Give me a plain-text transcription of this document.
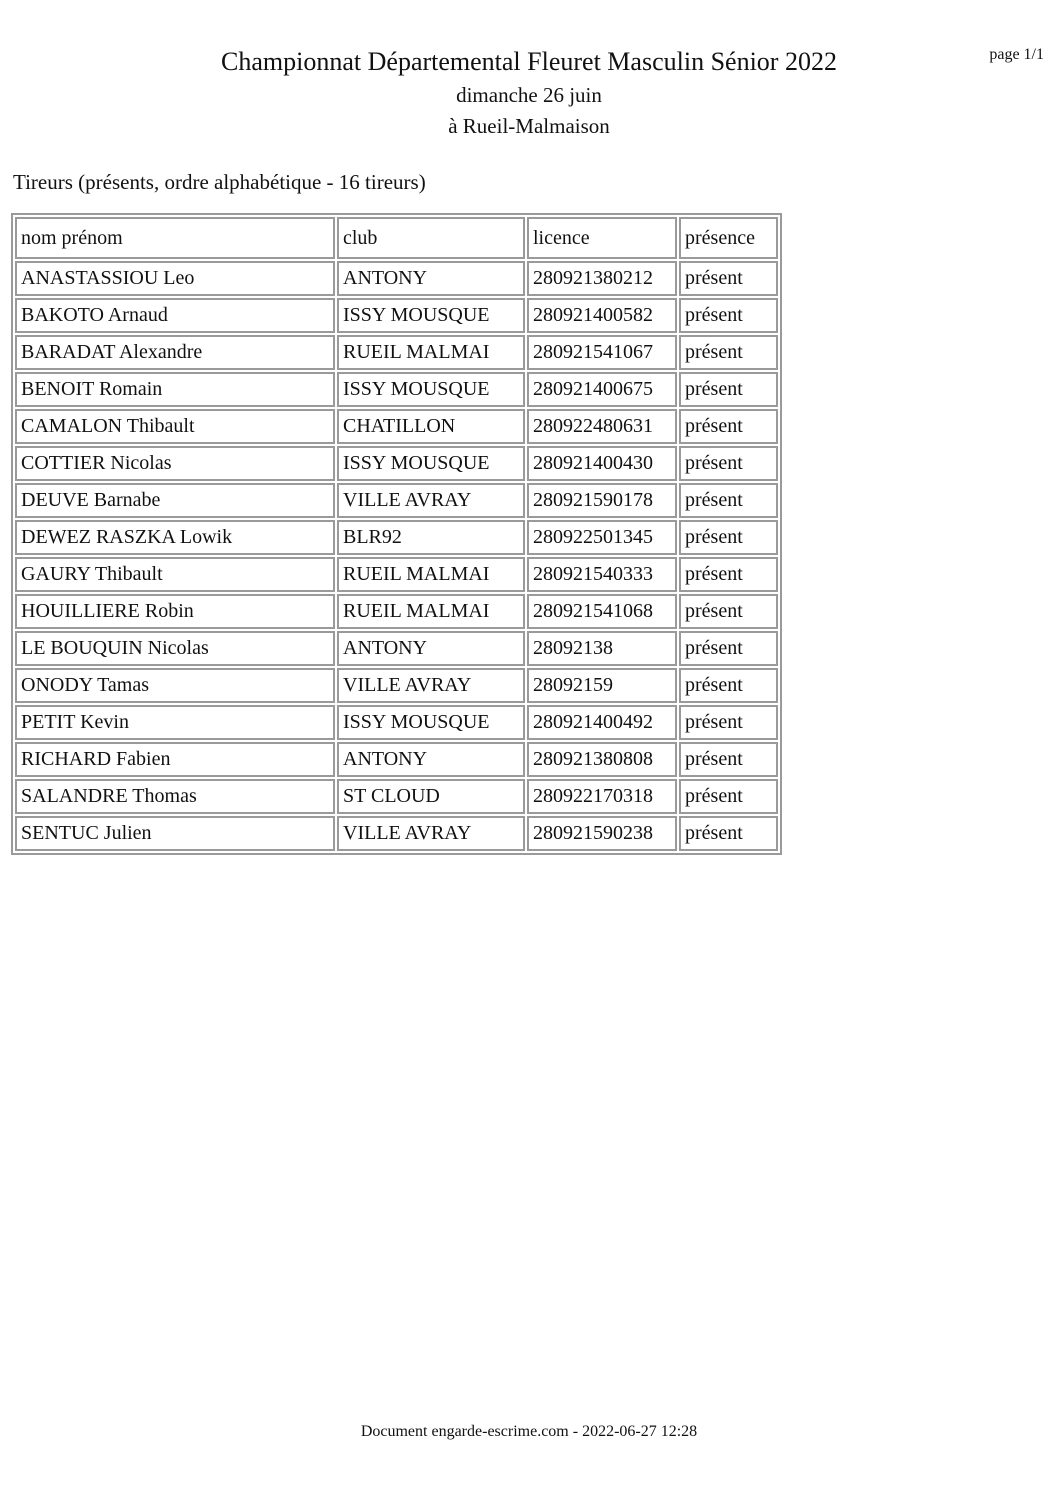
page 1/1
Championnat Départemental Fleuret Masculin Sénior 2022
dimanche 26 juin
à Rueil-Malmaison
Tireurs (présents, ordre alphabétique - 16 tireurs)
nom prénom	club	licence	présence
ANASTASSIOU Leo	ANTONY	280921380212	présent
BAKOTO Arnaud	ISSY MOUSQUE	280921400582	présent
BARADAT Alexandre	RUEIL MALMAI	280921541067	présent
BENOIT Romain	ISSY MOUSQUE	280921400675	présent
CAMALON Thibault	CHATILLON	280922480631	présent
COTTIER Nicolas	ISSY MOUSQUE	280921400430	présent
DEUVE Barnabe	VILLE AVRAY	280921590178	présent
DEWEZ RASZKA Lowik	BLR92	280922501345	présent
GAURY Thibault	RUEIL MALMAI	280921540333	présent
HOUILLIERE Robin	RUEIL MALMAI	280921541068	présent
LE BOUQUIN Nicolas	ANTONY	28092138	présent
ONODY Tamas	VILLE AVRAY	28092159	présent
PETIT Kevin	ISSY MOUSQUE	280921400492	présent
RICHARD Fabien	ANTONY	280921380808	présent
SALANDRE Thomas	ST CLOUD	280922170318	présent
SENTUC Julien	VILLE AVRAY	280921590238	présent
Document engarde-escrime.com - 2022-06-27 12:28
